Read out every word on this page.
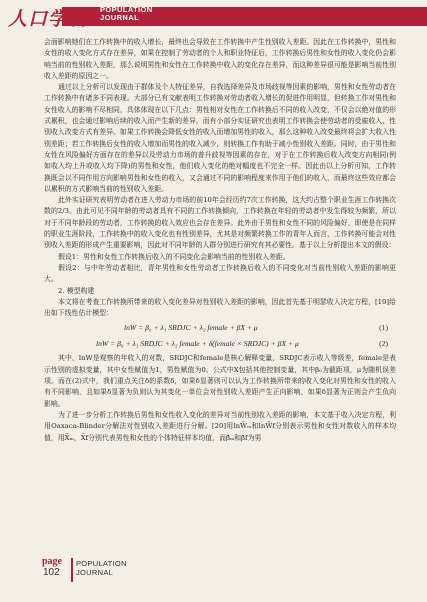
人口学刊 POPULATION
JOURNAL

会面影响她们在工作转换中的收入增长，最终也会导致在工作转换中产生性别收入差距。因此在工作转换中，男性和女性的收入变化方式存在差异，如果在控制了劳动者的个人和职业特征后，工作转换后男性和女性的收入变化仍会影响当前的性别收入差距，那么说明男性和女性在工作转换中收入的变化存在差异，而这种差异很可能是影响当前性别收入差距的原因之一。

通过以上分析可以发现由于群体及个人特征差异，自我选择差异及市场歧视等因素的影响，男性和女性劳动者在工作转换中有诸多不同表现。大部分已有文献表明工作转换对劳动者收入增长的促进作用明显，但转换工作对男性和女性收入的影响不尽相同，具体体现在以下几点：男性相对女性在工作转换后不同的收入改变，不仅会以绝对值的形式累积，也会通过影响后续的收入而产生新的差异，而有小部分实证研究也表明工作转换会使劳动者的受雇收入、性别收入改变方式有差异。如果工作转换会降低女性的收入而增加男性的收入，那么这种收入改变最终将会扩大收入性别差距；若工作转换后女性的收入增加而男性的收入减少，则转换工作有助于减小性别收入差距。同时，由于男性和女性在风险偏好方面存在的差异以及劳动力市场的普升歧视等因素的存在，对于在工作转换后收入改变方向相同(例如收入均上升或收入均下降)的男性和女性，他们收入变化的绝对幅度也不完全一样。因此由以上分析可知，工作转换既会以不同作用方向影响男性和女性的收入，又会通过不同的影响程度来作用于他们的收入，而最终这些效应都会以累积的方式影响当前的性别收入差距。

此外实证研究表明劳动者在进入劳动力市场的前10年会经历约7次工作转换，这大约占整个职业生涯工作转换次数的2/3。由此可见不同年龄的劳动者具有不同的工作转换倾向，工作转换在年轻的劳动者中发生得较为频繁，所以对于不同年龄段的劳动者，工作转换的收入效应也会存在差异。此外由于男性和女性不同的风险偏好，即使是在同样的职业生涯阶段，工作转换中的收入变化也有性别差异，尤其是对频繁转换工作的青年人而言，工作转换可能会对性别收入差距的形成产生重要影响，因此对不同年龄的人群分别进行研究有其必要性。基于以上分析提出本文的假设：

假设1：男性和女性工作转换后收入的不同变化会影响当前的性别收入差距。

假设2：与中年劳动者相比，青年男性和女性劳动者工作转换后收入的不同变化对当前性别收入差距的影响更大。

2. 模型构建

本文将在考查工作转换所带来的收入变化差异对性别收入差距的影响，因此首先基于明瑟收入决定方程，[19]给出如下线性估计模型：

lnW = β₀ + λ₁ SRDJC + λ₂ female + βX + μ	(1)
lnW = β₀ + λ₁ SRDJC + λ₂ female + δ(female × SRDJC) + βX + μ	(2)

其中，lnW是观察的年收入的对数，SRDJC和female是核心解释变量，SRDJC表示收入等级差，female是表示性别的虚拟变量，其中女性赋值为1，男性赋值为0。公式中X包括其他控制变量，其中β₀为截距项，μ为随机误差项。而在(2)式中，我们重点关注δ的系数δ，如果δ显著则可以认为工作转换所带来的收入变化对男性和女性的收入有不同影响，且如果δ显著为负则认为其变化一单位会对性别收入差距产生正向影响，如果δ显著为正则会产生负向影响。

为了进一步分析工作转换后男性和女性收入变化的差异对当前性别收入差距的影响，本文基于收入决定方程，利用Oaxaca-Blinder分解法对性别收入差距进行分解。[20]用lnW̄ₘ和lnW̄f分别表示男性和女性对数收入的样本均值，用X̄ₘ，X̄f分别代表男性和女性的个体特征样本均值，而β̂ₘ和β̂f为男

page
102
POPULATION
JOURNAL
